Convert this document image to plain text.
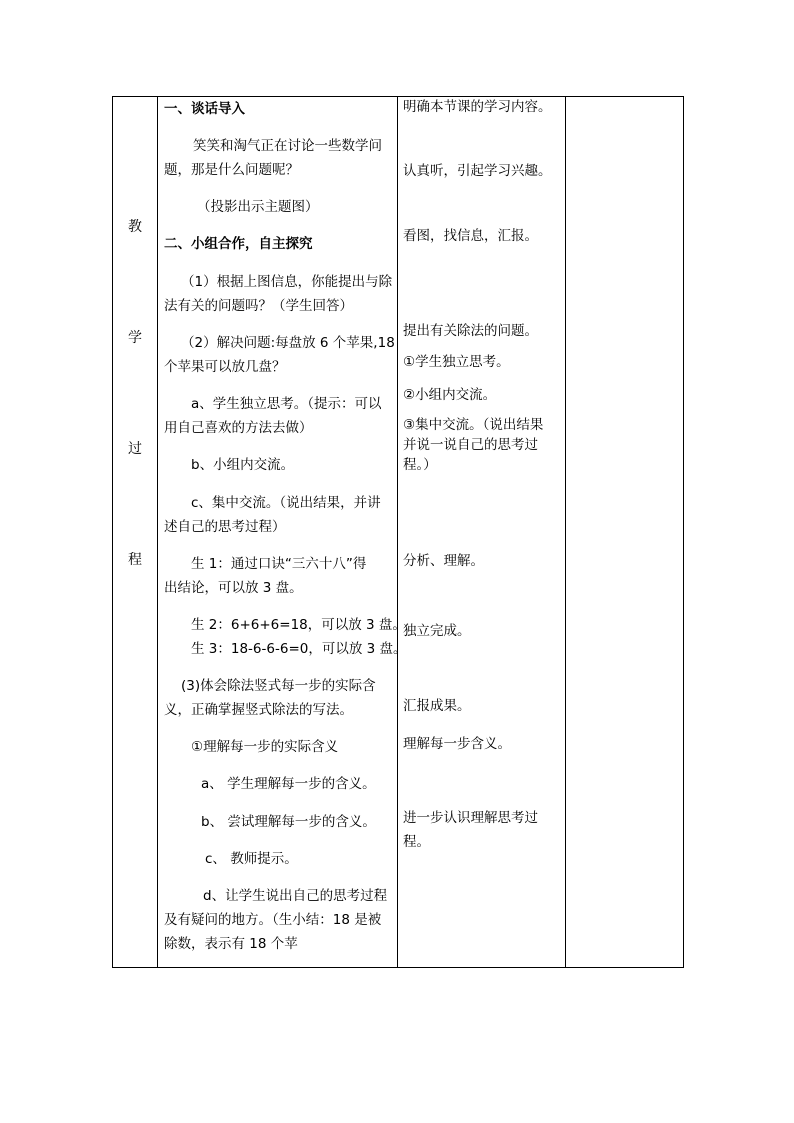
教
学
过
程
一、谈话导入
笑笑和淘气正在讨论一些数学问
题，那是什么问题呢？
（投影出示主题图）
二、小组合作，自主探究
（1）根据上图信息，你能提出与除
法有关的问题吗？（学生回答）
（2）解决问题:每盘放 6 个苹果,18
个苹果可以放几盘？
a、学生独立思考。（提示：可以
用自己喜欢的方法去做）
b、小组内交流。
c、集中交流。（说出结果，并讲
述自己的思考过程）
生 1：通过口诀“三六十八”得
出结论，可以放 3 盘。
生 2：6+6+6=18，可以放 3 盘。
生 3：18-6-6-6=0，可以放 3 盘。
(3)体会除法竖式每一步的实际含
义，正确掌握竖式除法的写法。
①理解每一步的实际含义
a、 学生理解每一步的含义。
b、 尝试理解每一步的含义。
c、 教师提示。
d、让学生说出自己的思考过程
及有疑问的地方。（生小结：18 是被
除数，表示有 18 个苹
明确本节课的学习内容。
认真听，引起学习兴趣。
看图，找信息，汇报。
提出有关除法的问题。
①学生独立思考。
②小组内交流。
③集中交流。（说出结果
并说一说自己的思考过
程。）
分析、理解。
独立完成。
汇报成果。
理解每一步含义。
进一步认识理解思考过
程。
